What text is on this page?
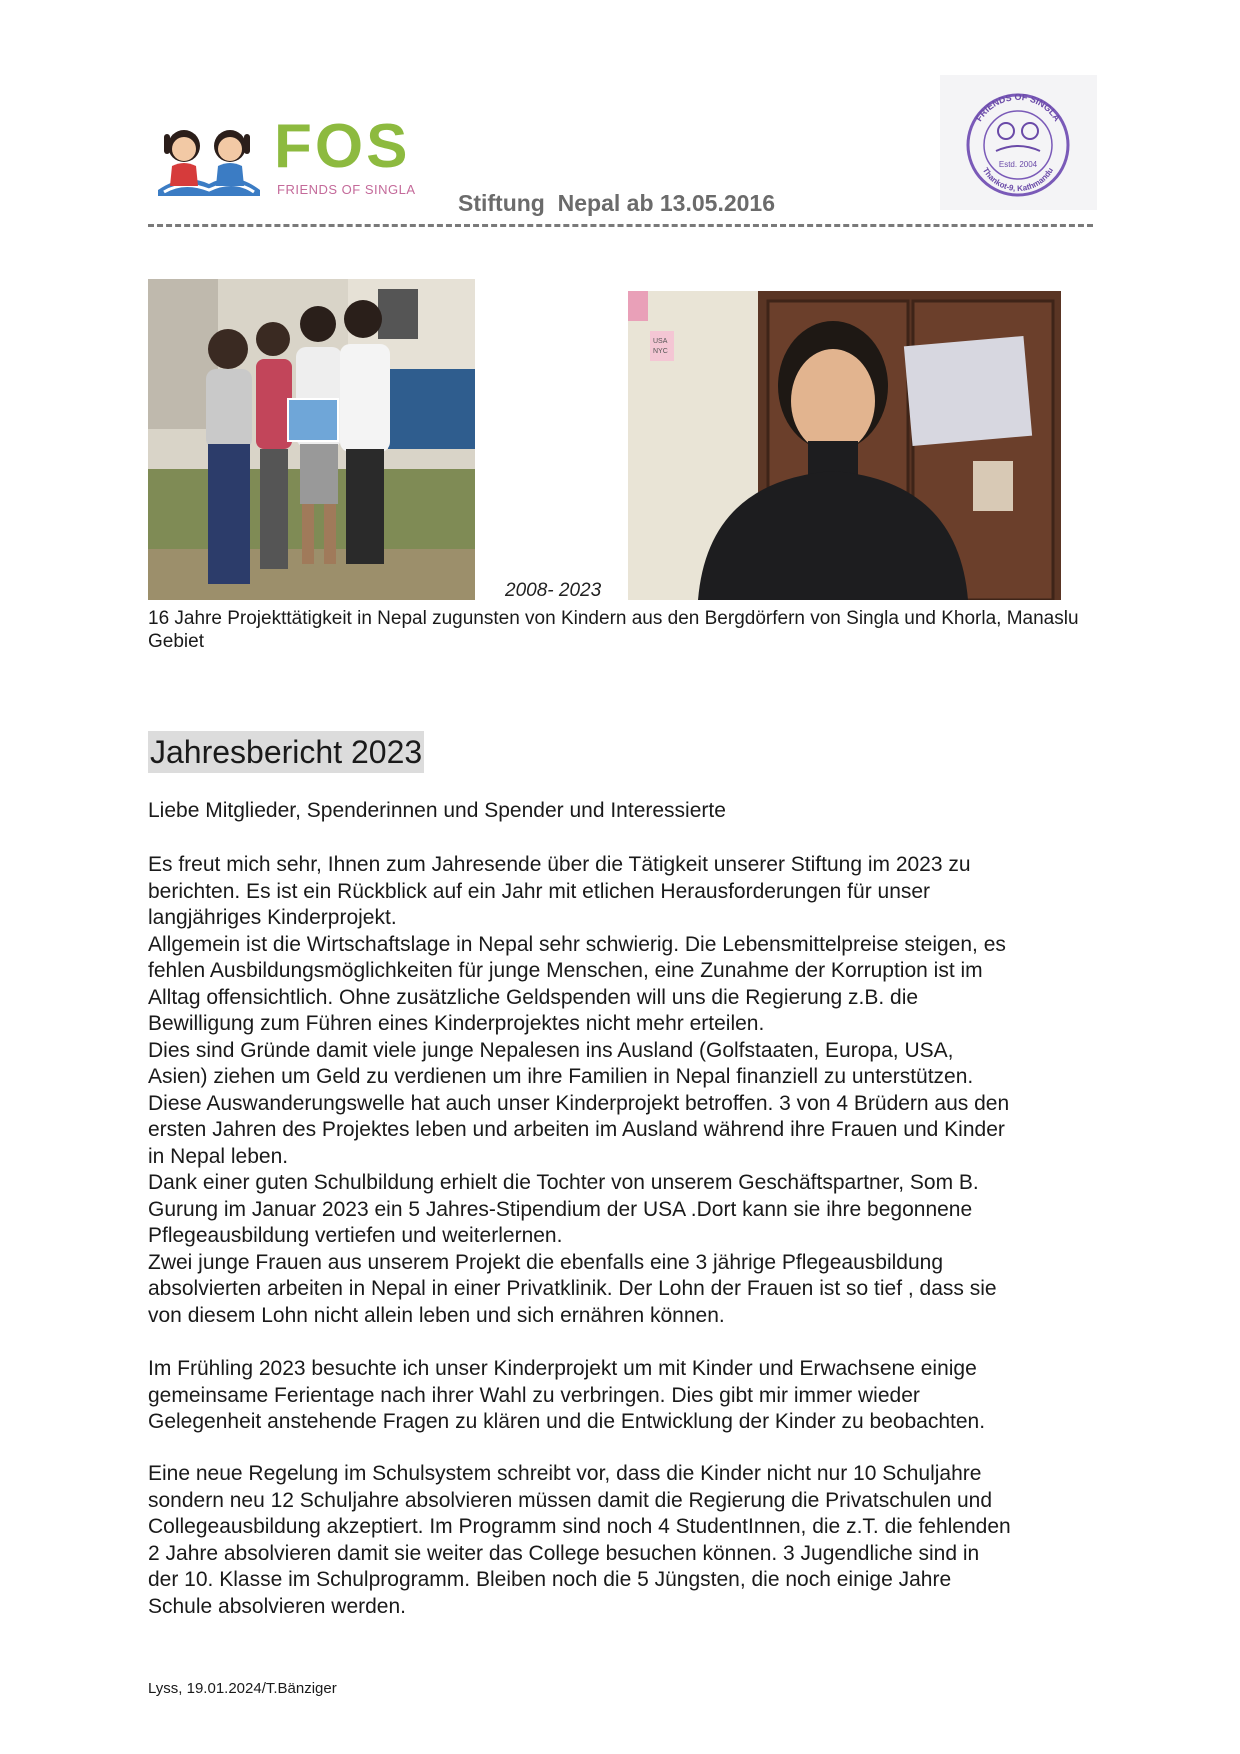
FOS
FRIENDS OF SINGLA
Stiftung  Nepal ab 13.05.2016
FRIENDS OF SINGLA
Thankot-9, Kathmandu
Estd. 2004
2008- 2023
USA
NYC
16 Jahre Projekttätigkeit in Nepal zugunsten von Kindern aus den Bergdörfern von Singla und Khorla, Manaslu Gebiet
Jahresbericht 2023
Liebe Mitglieder, Spenderinnen und Spender und Interessierte

Es freut mich sehr, Ihnen zum Jahresende über die Tätigkeit unserer Stiftung im 2023 zu

berichten. Es ist ein Rückblick auf ein Jahr mit etlichen Herausforderungen für unser

langjähriges Kinderprojekt.

Allgemein ist die Wirtschaftslage in Nepal sehr schwierig. Die Lebensmittelpreise steigen, es

fehlen Ausbildungsmöglichkeiten für junge Menschen, eine Zunahme der Korruption ist im

Alltag offensichtlich. Ohne zusätzliche Geldspenden will uns die Regierung z.B. die

Bewilligung zum Führen eines Kinderprojektes nicht mehr erteilen.

Dies sind Gründe damit viele junge Nepalesen ins Ausland (Golfstaaten, Europa, USA,

Asien) ziehen um Geld zu verdienen um ihre Familien in Nepal finanziell zu unterstützen.

Diese Auswanderungswelle hat auch unser Kinderprojekt betroffen. 3 von 4 Brüdern aus den

ersten Jahren des Projektes leben und arbeiten im Ausland während ihre Frauen und Kinder

in Nepal leben.

Dank einer guten Schulbildung erhielt die Tochter von unserem Geschäftspartner, Som B.

Gurung im Januar 2023 ein 5 Jahres-Stipendium der USA .Dort kann sie ihre begonnene

Pflegeausbildung vertiefen und weiterlernen.

Zwei junge Frauen aus unserem Projekt die ebenfalls eine 3 jährige Pflegeausbildung

absolvierten arbeiten in Nepal in einer Privatklinik. Der Lohn der Frauen ist so tief , dass sie

von diesem Lohn nicht allein leben und sich ernähren können.

Im Frühling 2023 besuchte ich unser Kinderprojekt um mit Kinder und Erwachsene einige

gemeinsame Ferientage nach ihrer Wahl zu verbringen. Dies gibt mir immer wieder

Gelegenheit anstehende Fragen zu klären und die Entwicklung der Kinder zu beobachten.

Eine neue Regelung im Schulsystem schreibt vor, dass die Kinder nicht nur 10 Schuljahre

sondern neu 12 Schuljahre absolvieren müssen damit die Regierung die Privatschulen und

Collegeausbildung akzeptiert. Im Programm sind noch 4 StudentInnen, die z.T. die fehlenden

2 Jahre absolvieren damit sie weiter das College besuchen können. 3 Jugendliche sind in

der 10. Klasse im Schulprogramm. Bleiben noch die 5 Jüngsten, die noch einige Jahre

Schule absolvieren werden.

Lyss, 19.01.2024/T.Bänziger
